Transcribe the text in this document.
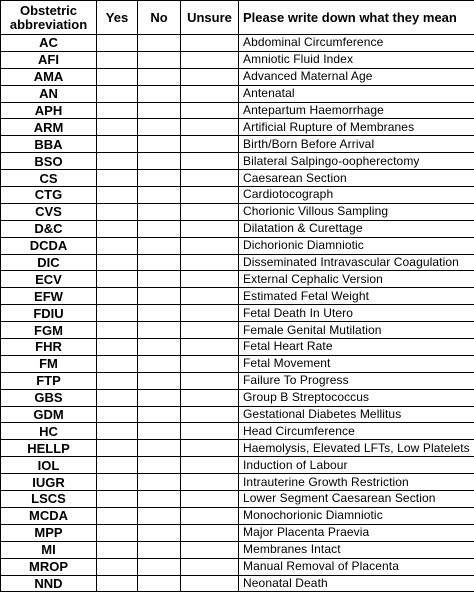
Obstetric
abbreviation	Yes	No	Unsure	Please write down what they mean
AC				Abdominal Circumference
AFI				Amniotic Fluid Index
AMA				Advanced Maternal Age
AN				Antenatal
APH				Antepartum Haemorrhage
ARM				Artificial Rupture of Membranes
BBA				Birth/Born Before Arrival
BSO				Bilateral Salpingo-oopherectomy
CS				Caesarean Section
CTG				Cardiotocograph
CVS				Chorionic Villous Sampling
D&C				Dilatation & Curettage
DCDA				Dichorionic Diamniotic
DIC				Disseminated Intravascular Coagulation
ECV				External Cephalic Version
EFW				Estimated Fetal Weight
FDIU				Fetal Death In Utero
FGM				Female Genital Mutilation
FHR				Fetal Heart Rate
FM				Fetal Movement
FTP				Failure To Progress
GBS				Group B Streptococcus
GDM				Gestational Diabetes Mellitus
HC				Head Circumference
HELLP				Haemolysis, Elevated LFTs, Low Platelets
IOL				Induction of Labour
IUGR				Intrauterine Growth Restriction
LSCS				Lower Segment Caesarean Section
MCDA				Monochorionic Diamniotic
MPP				Major Placenta Praevia
MI				Membranes Intact
MROP				Manual Removal of Placenta
NND				Neonatal Death
